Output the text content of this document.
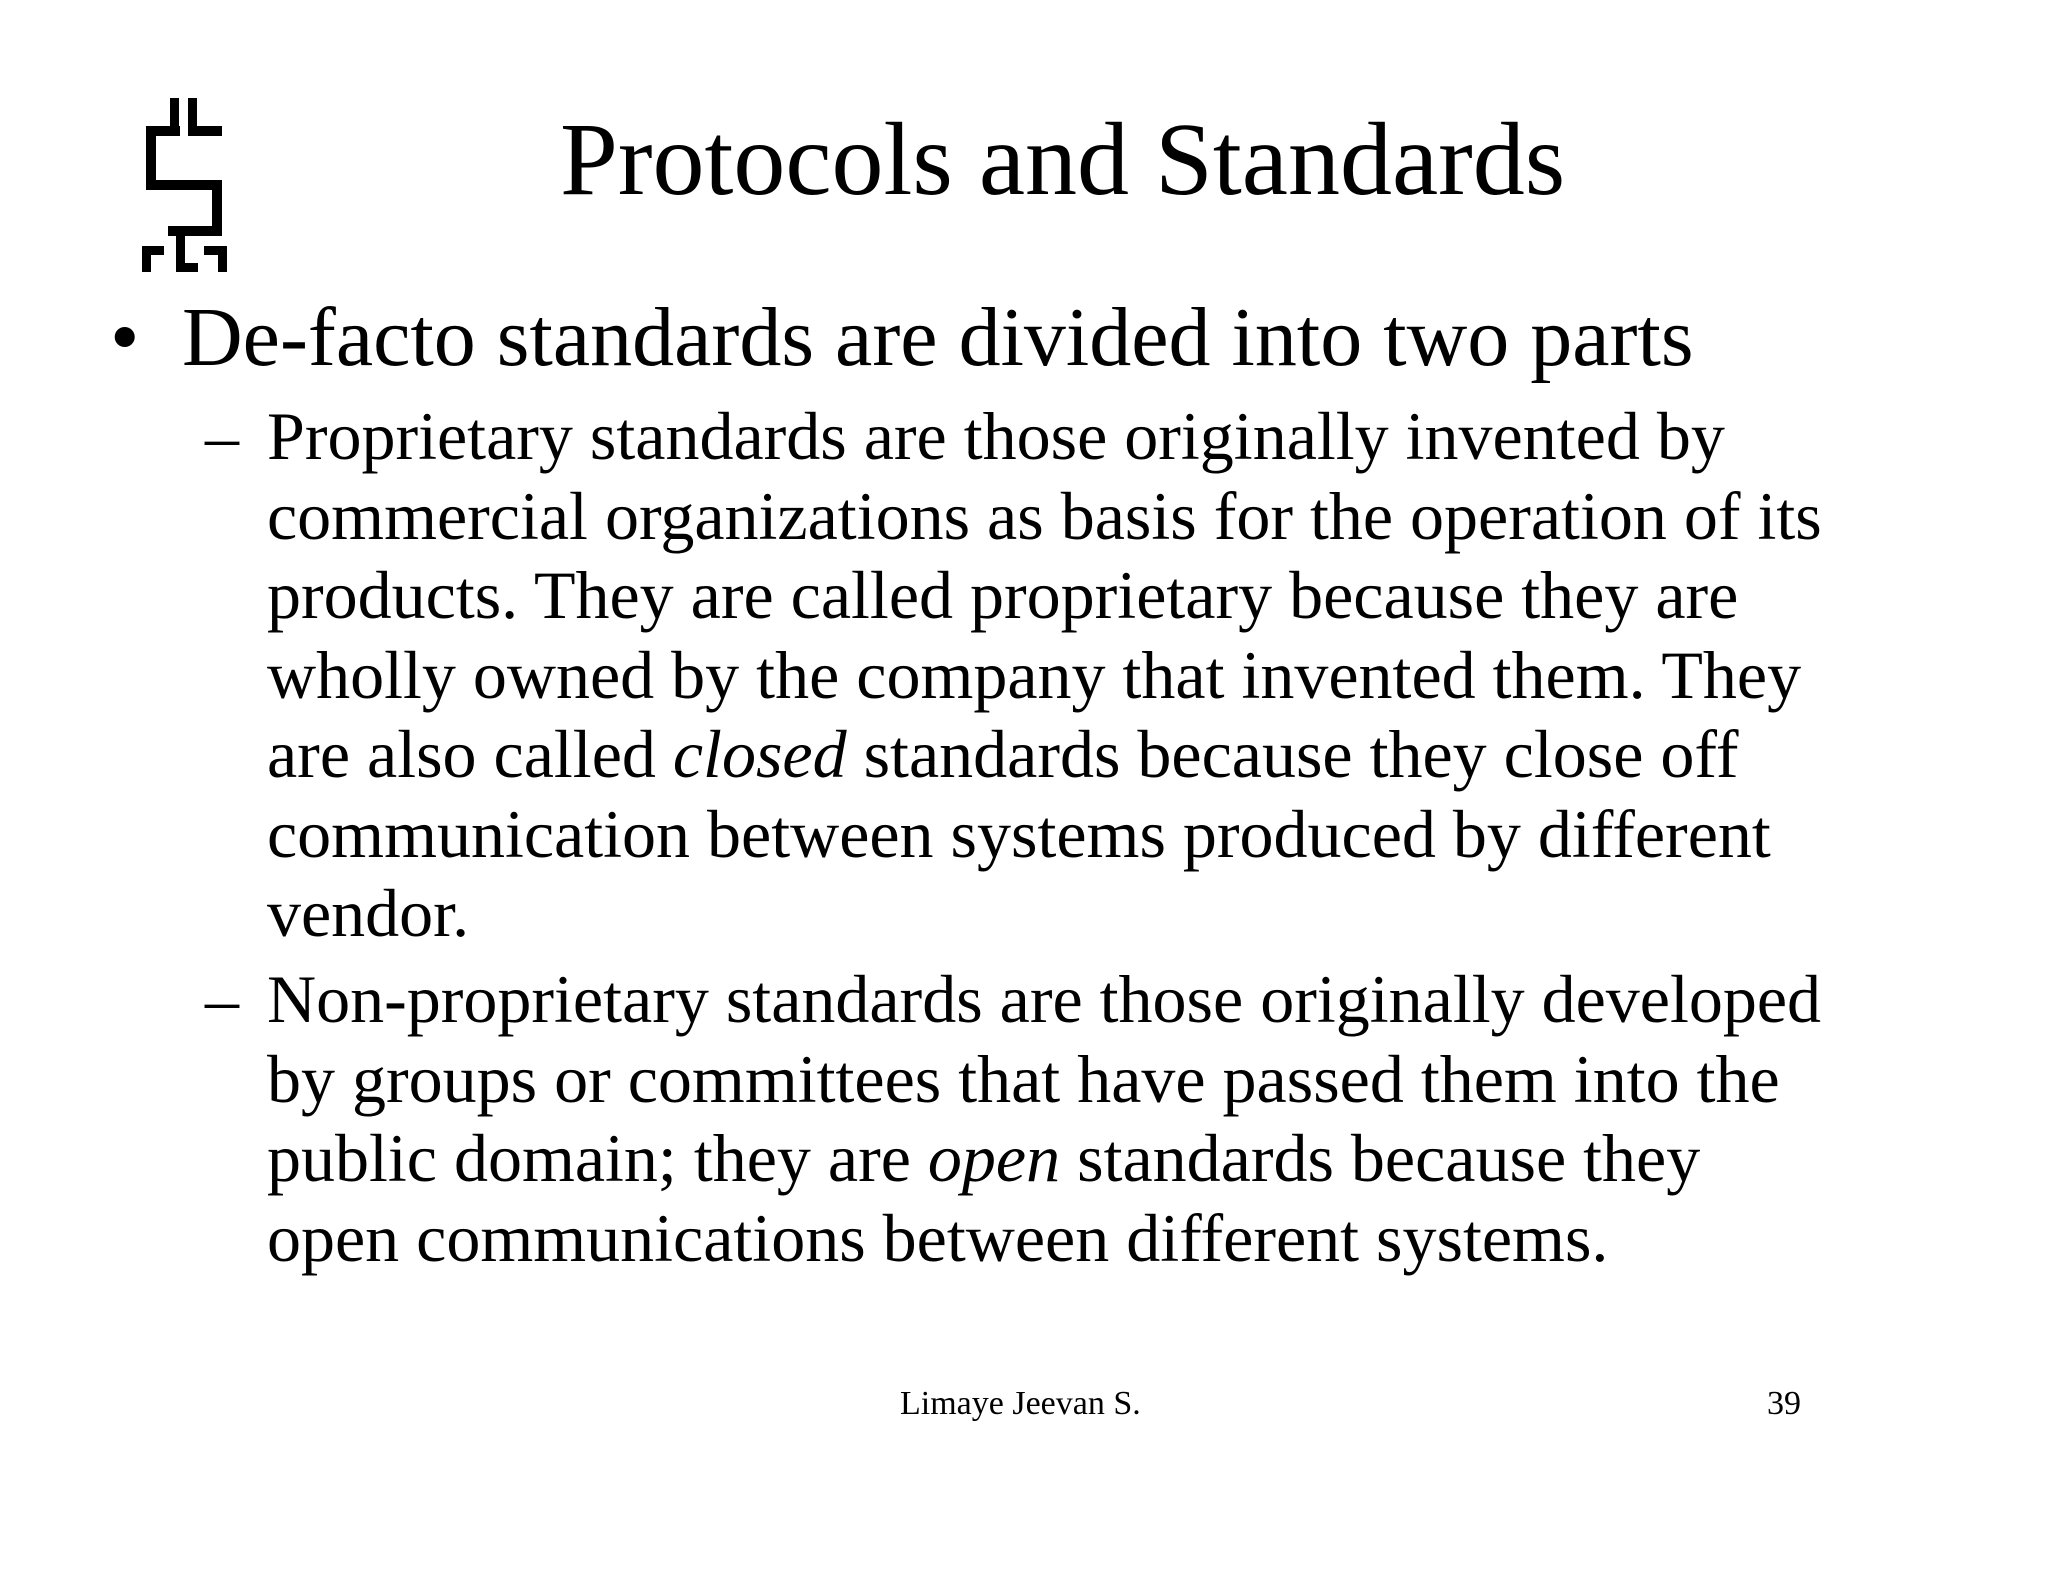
Protocols and Standards
• De-facto standards are divided into two parts
– Proprietary standards are those originally invented by
commercial organizations as basis for the operation of its
products. They are called proprietary because they are
wholly owned by the company that invented them. They
are also called closed standards because they close off
communication between systems produced by different
vendor.
– Non-proprietary standards are those originally developed
by groups or committees that have passed them into the
public domain; they are open standards because they
open communications between different systems.
Limaye Jeevan S.	39
